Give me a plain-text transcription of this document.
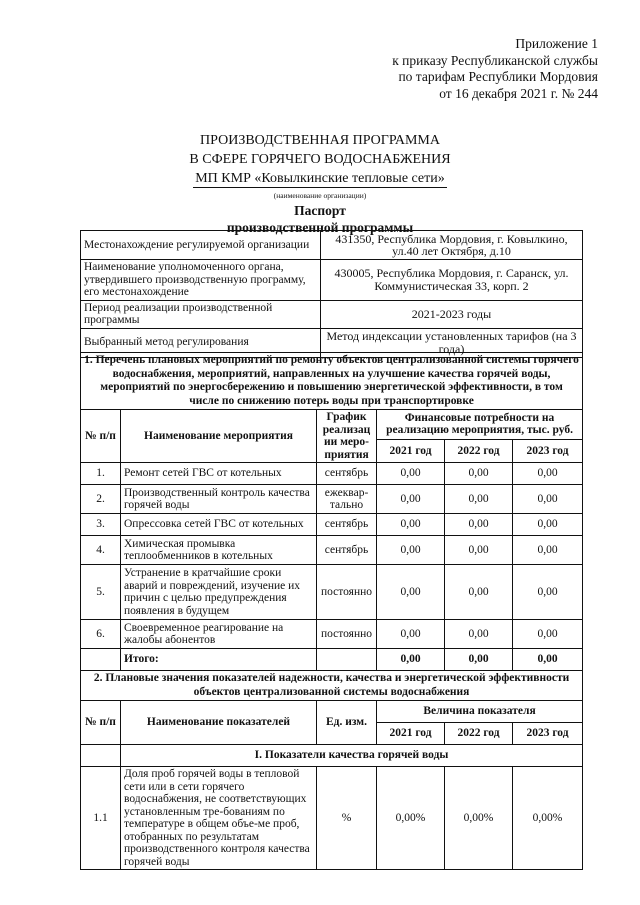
Приложение 1
к приказу Республиканской службы
по тарифам Республики Мордовия
от 16 декабря 2021 г. № 244
ПРОИЗВОДСТВЕННАЯ ПРОГРАММА
В СФЕРЕ ГОРЯЧЕГО ВОДОСНАБЖЕНИЯ
МП КМР «Ковылкинские тепловые сети»
(наименование организации)
Паспорт
производственной программы
Местонахождение регулируемой организации	431350, Республика Мордовия, г. Ковылкино, ул.40 лет Октября, д.10
Наименование уполномоченного органа, утвердившего производственную программу, его местонахождение	430005, Республика Мордовия, г. Саранск, ул. Коммунистическая 33, корп. 2
Период реализации производственной программы	2021-2023 годы
Выбранный метод регулирования	Метод индексации установленных тарифов (на 3 года)
1. Перечень плановых мероприятий по ремонту объектов централизованной системы горячего водоснабжения, мероприятий, направленных на улучшение качества горячей воды, мероприятий по энергосбережению и повышению энергетической эффективности, в том числе по снижению потерь воды при транспортировке					
№ п/п	Наименование мероприятия	График реализац ии меро-приятия	Финансовые потребности на реализацию мероприятия, тыс. руб.		
			2021 год	2022 год	2023 год
1.	Ремонт сетей ГВС от котельных	сентябрь	0,00	0,00	0,00
2.	Производственный контроль качества горячей воды	ежеквар-тально	0,00	0,00	0,00
3.	Опрессовка сетей ГВС от котельных	сентябрь	0,00	0,00	0,00
4.	Химическая промывка теплообменников в котельных	сентябрь	0,00	0,00	0,00
5.	Устранение в кратчайшие сроки аварий и повреждений, изучение их причин с целью предупреждения появления в будущем	постоянно	0,00	0,00	0,00
6.	Своевременное реагирование на жалобы абонентов	постоянно	0,00	0,00	0,00
	Итого:		0,00	0,00	0,00
2. Плановые значения показателей надежности, качества и энергетической эффективности объектов централизованной системы водоснабжения					
№ п/п	Наименование показателей	Ед. изм.	Величина показателя		
			2021 год	2022 год	2023 год
	I. Показатели качества горячей воды				
1.1	Доля проб горячей воды в тепловой сети или в сети горячего водоснабжения, не соответствующих установленным тре-бованиям по температуре в общем объе-ме проб, отобранных по результатам производственного контроля качества горячей воды	%	0,00%	0,00%	0,00%
